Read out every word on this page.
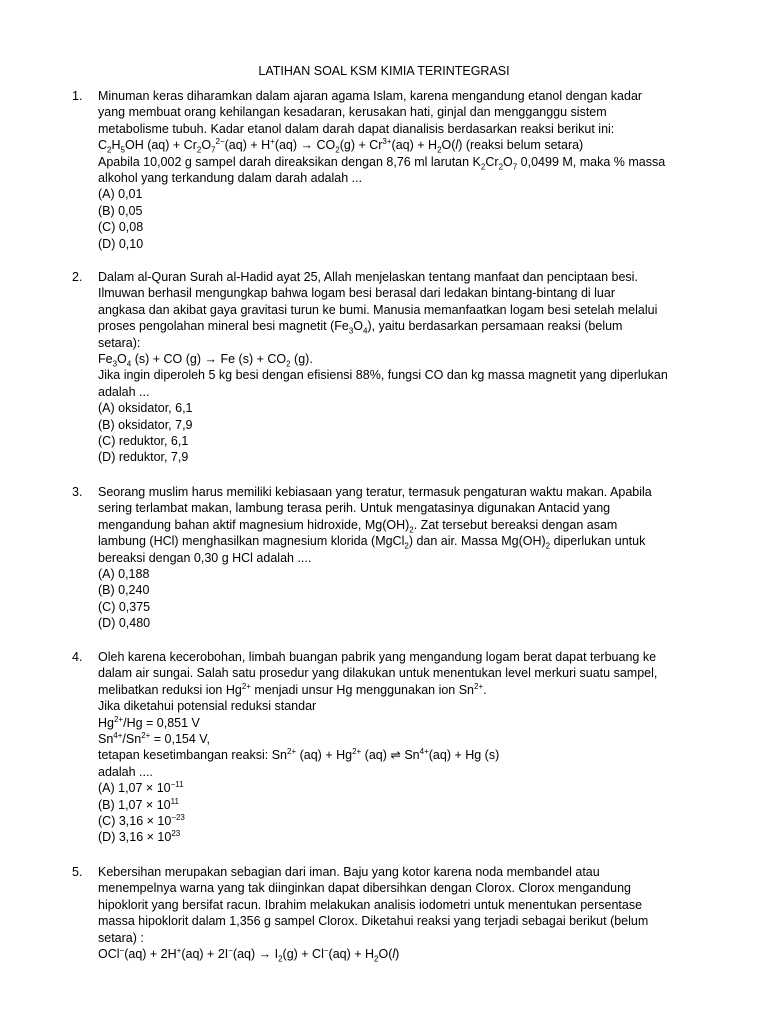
LATIHAN SOAL KSM KIMIA TERINTEGRASI
1. Minuman keras diharamkan dalam ajaran agama Islam, karena mengandung etanol dengan kadar
yang membuat orang kehilangan kesadaran, kerusakan hati, ginjal dan mengganggu sistem
metabolisme tubuh. Kadar etanol dalam darah dapat dianalisis berdasarkan reaksi berikut ini:
$C_2H_5OH$ $(aq) + Cr_2O_7^{2-}(aq) + H^+(aq) \to CO_2(g) + Cr^{3+}(aq) + H_2O(l)$ (reaksi belum setara)
Apabila 10,002 g sampel darah direaksikan dengan 8,76 ml larutan $K_2Cr_2O_7$ 0,0499 M, maka % massa
alkohol yang terkandung dalam darah adalah ...
(A) 0,01
(B) 0,05
(C) 0,08
(D) 0,10
2. Dalam al-Quran Surah al-Hadid ayat 25, Allah menjelaskan tentang manfaat dan penciptaan besi.
Ilmuwan berhasil mengungkap bahwa logam besi berasal dari ledakan bintang-bintang di luar
angkasa dan akibat gaya gravitasi turun ke bumi. Manusia memanfaatkan logam besi setelah melalui
proses pengolahan mineral besi magnetit $(Fe_3O_4)$, yaitu berdasarkan persamaan reaksi (belum
setara):
$Fe_3O_4$ (s) + CO (g) → Fe $(s) + CO_2$ (g).
Jika ingin diperoleh 5 kg besi dengan efisiensi 88%, fungsi CO dan kg massa magnetit yang diperlukan
adalah ...
(A) oksidator, 6,1
(B) oksidator, 7,9
(C) reduktor, 6,1
(D) reduktor, 7,9
3. Seorang muslim harus memiliki kebiasaan yang teratur, termasuk pengaturan waktu makan. Apabila
sering terlambat makan, lambung terasa perih. Untuk mengatasinya digunakan Antacid yang
mengandung bahan aktif magnesium hidroxide, $Mg(OH)_2$. Zat tersebut bereaksi dengan asam
lambung (HCl) menghasilkan magnesium klorida (MgCl$_2$) dan air. Massa $Mg(OH)_2$ diperlukan untuk
bereaksi dengan 0,30 g HCl adalah ....
(A) 0,188
(B) 0,240
(C) 0,375
(D) 0,480
4. Oleh karena kecerobohan, limbah buangan pabrik yang mengandung logam berat dapat terbuang ke
dalam air sungai. Salah satu prosedur yang dilakukan untuk menentukan level merkuri suatu sampel,
melibatkan reduksi ion $Hg^{2+}$ menjadi unsur Hg menggunakan ion $Sn^{2+}$.
Jika diketahui potensial reduksi standar
$Hg^{2+}/Hg = 0,851$ V
$Sn^{4+}/Sn^{2+} = 0,154$ V,
tetapan kesetimbangan reaksi: $Sn^{2+}$ $(aq) + Hg^{2+}$ (aq) ⇌ $Sn^{4+}(aq) + Hg$ (s)
adalah ....
(A) $1,07 \times 10^{-11}$
(B) $1,07 \times 10^{11}$
(C) $3,16 \times 10^{-23}$
(D) $3,16 \times 10^{23}$
5. Kebersihan merupakan sebagian dari iman. Baju yang kotor karena noda membandel atau
menempelnya warna yang tak diinginkan dapat dibersihkan dengan Clorox. Clorox mengandung
hipoklorit yang bersifat racun. Ibrahim melakukan analisis iodometri untuk menentukan persentase
massa hipoklorit dalam 1,356 g sampel Clorox. Diketahui reaksi yang terjadi sebagai berikut (belum
setara) :
$OCl^-(aq) + 2H^+(aq) + 2I^-(aq) \to I_2(g) + Cl^-(aq) + H_2O(l)$
